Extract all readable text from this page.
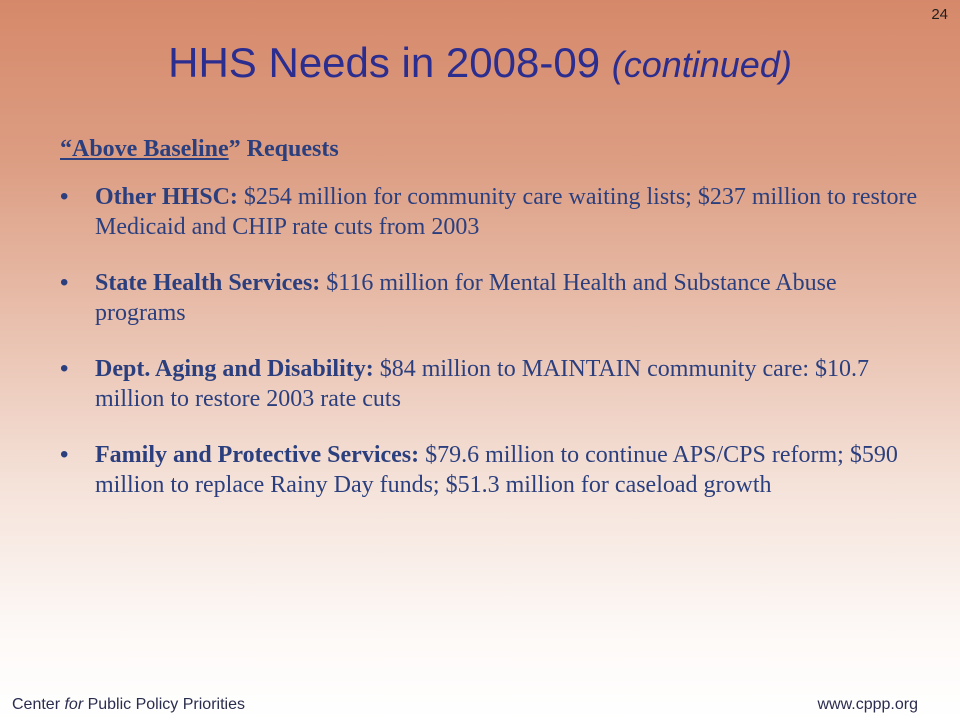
24
HHS Needs in 2008-09 (continued)
“Above Baseline” Requests
• Other HHSC: $254 million for community care waiting lists; $237 million to restore Medicaid and CHIP rate cuts from 2003
• State Health Services: $116 million for Mental Health and Substance Abuse programs
• Dept. Aging and Disability: $84 million to MAINTAIN community care: $10.7 million to restore 2003 rate cuts
• Family and Protective Services: $79.6 million to continue APS/CPS reform; $590 million to replace Rainy Day funds; $51.3 million for caseload growth
Center for Public Policy Priorities	www.cppp.org
